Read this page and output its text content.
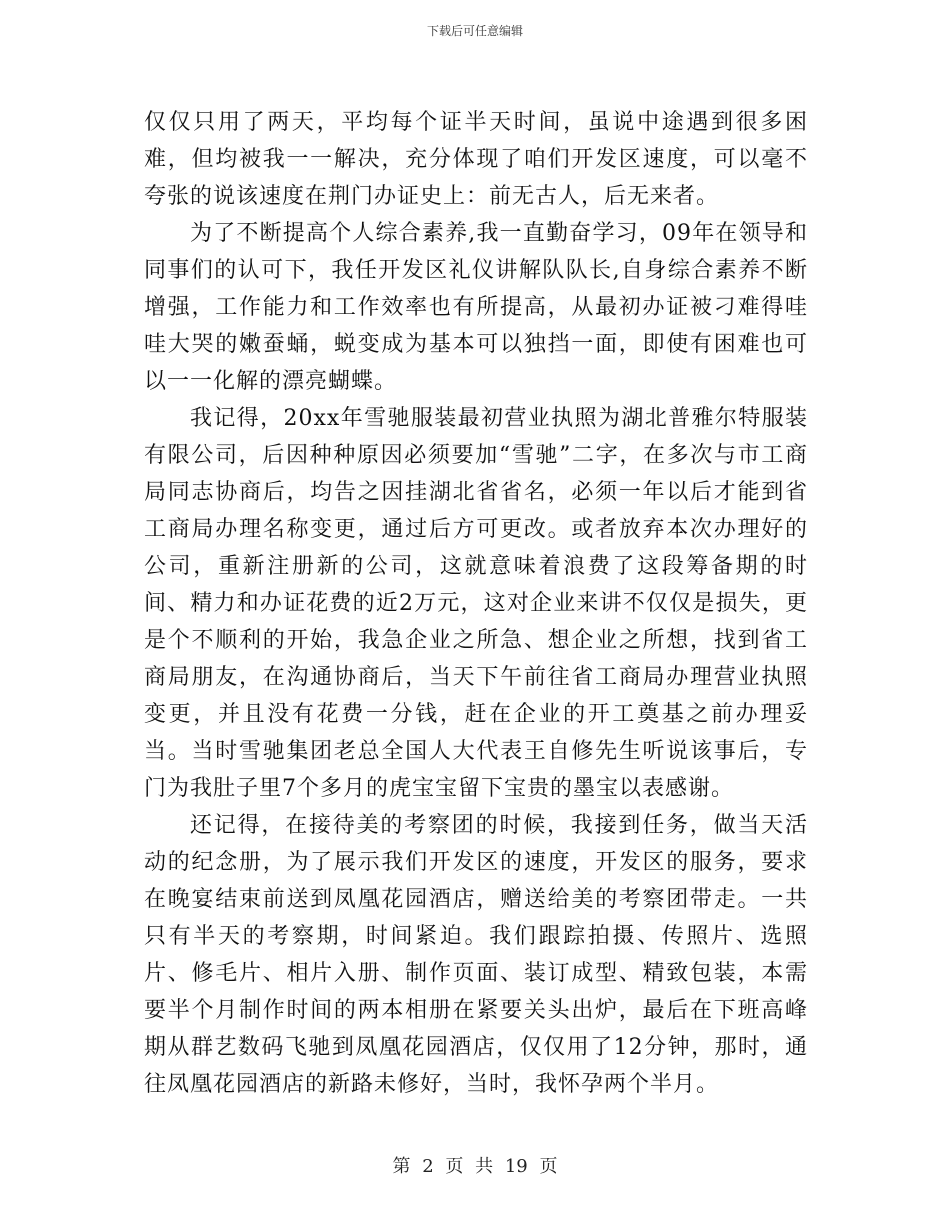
下载后可任意编辑

仅仅只用了两天，平均每个证半天时间，虽说中途遇到很多困难，但均被我一一解决，充分体现了咱们开发区速度，可以毫不夸张的说该速度在荆门办证史上：前无古人，后无来者。

为了不断提高个人综合素养,我一直勤奋学习，09年在领导和同事们的认可下，我任开发区礼仪讲解队队长,自身综合素养不断增强，工作能力和工作效率也有所提高，从最初办证被刁难得哇哇大哭的嫩蚕蛹，蜕变成为基本可以独挡一面，即使有困难也可以一一化解的漂亮蝴蝶。

我记得，20xx年雪驰服装最初营业执照为湖北普雅尔特服装有限公司，后因种种原因必须要加“雪驰”二字，在多次与市工商局同志协商后，均告之因挂湖北省省名，必须一年以后才能到省工商局办理名称变更，通过后方可更改。或者放弃本次办理好的公司，重新注册新的公司，这就意味着浪费了这段筹备期的时间、精力和办证花费的近2万元，这对企业来讲不仅仅是损失，更是个不顺利的开始，我急企业之所急、想企业之所想，找到省工商局朋友，在沟通协商后，当天下午前往省工商局办理营业执照变更，并且没有花费一分钱，赶在企业的开工奠基之前办理妥当。当时雪驰集团老总全国人大代表王自修先生听说该事后，专门为我肚子里7个多月的虎宝宝留下宝贵的墨宝以表感谢。

还记得，在接待美的考察团的时候，我接到任务，做当天活动的纪念册，为了展示我们开发区的速度，开发区的服务，要求在晚宴结束前送到凤凰花园酒店，赠送给美的考察团带走。一共只有半天的考察期，时间紧迫。我们跟踪拍摄、传照片、选照片、修毛片、相片入册、制作页面、装订成型、精致包装，本需要半个月制作时间的两本相册在紧要关头出炉，最后在下班高峰期从群艺数码飞驰到凤凰花园酒店，仅仅用了12分钟，那时，通往凤凰花园酒店的新路未修好，当时，我怀孕两个半月。

第 2 页 共 19 页
